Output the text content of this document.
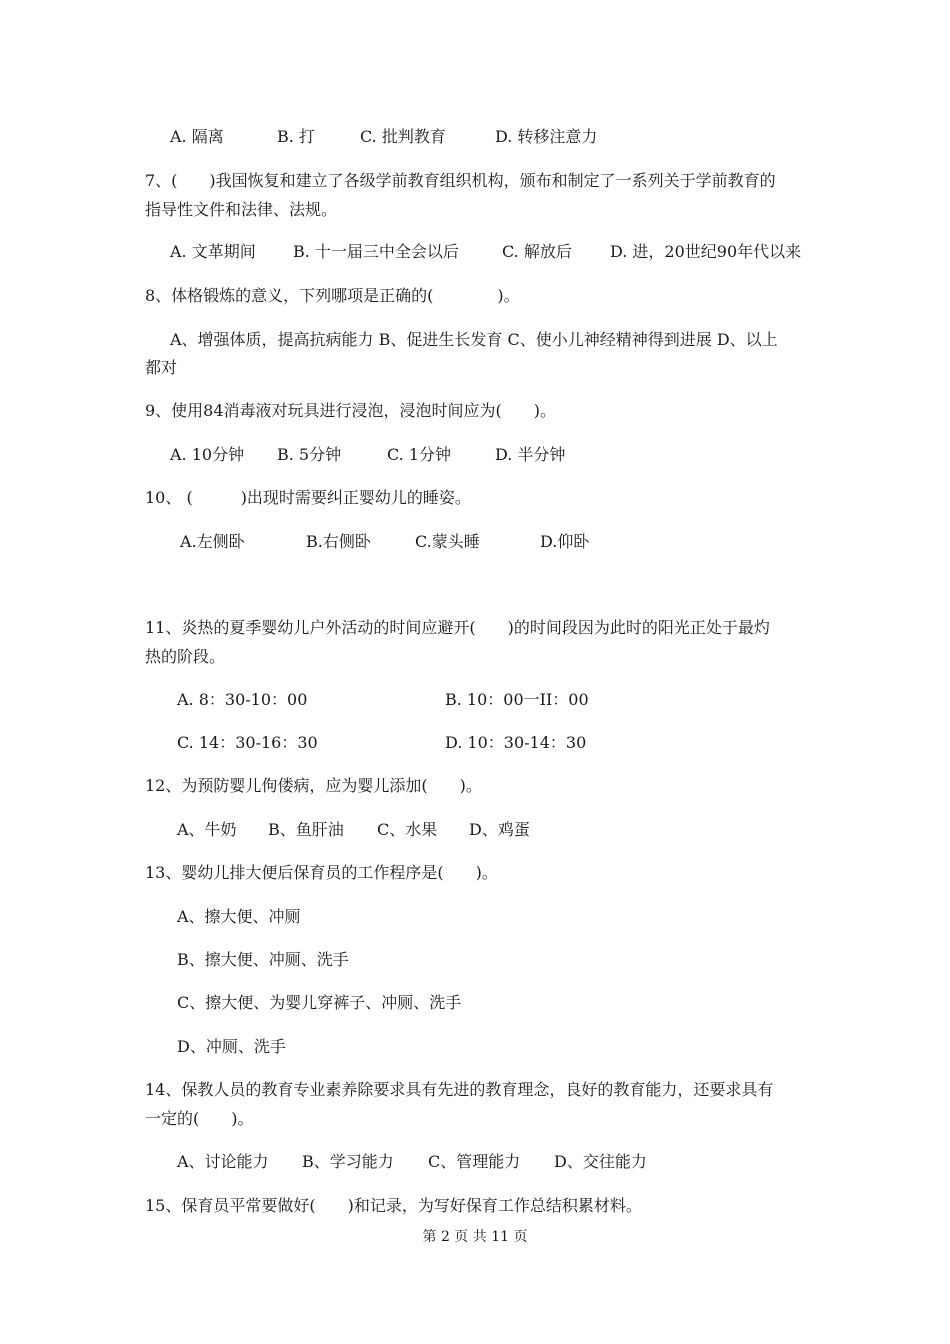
A. 隔离	B. 打	C. 批判教育	D. 转移注意力
7、(　　)我国恢复和建立了各级学前教育组织机构，颁布和制定了一系列关于学前教育的
指导性文件和法律、法规。
A. 文革期间 B. 十一届三中全会以后	C. 解放后 D. 进，20世纪90年代以来
8、体格锻炼的意义，下列哪项是正确的(　　　　)。
A、增强体质，提高抗病能力 B、促进生长发育 C、使小儿神经精神得到进展 D、以上
都对
9、使用84消毒液对玩具进行浸泡，浸泡时间应为(　　)。
A. 10分钟 B. 5分钟	C. 1分钟	D. 半分钟
10、 (　　　)出现时需要纠正婴幼儿的睡姿。
A.左侧卧	B.右侧卧	C.蒙头睡	D.仰卧
11、炎热的夏季婴幼儿户外活动的时间应避开(　　)的时间段因为此时的阳光正处于最灼
热的阶段。
A. 8：30-10：00	B. 10：00一II：00
C. 14：30-16：30	D. 10：30-14：30
12、为预防婴儿佝偻病，应为婴儿添加(　　)。
A、牛奶 B、鱼肝油 C、水果 D、鸡蛋
13、婴幼儿排大便后保育员的工作程序是(　　)。
A、擦大便、冲厕
B、擦大便、冲厕、洗手
C、擦大便、为婴儿穿裤子、冲厕、洗手
D、冲厕、洗手
14、保教人员的教育专业素养除要求具有先进的教育理念，良好的教育能力，还要求具有
一定的(　　)。
A、讨论能力 B、学习能力 C、管理能力 D、交往能力
15、保育员平常要做好(　　)和记录，为写好保育工作总结积累材料。
第 2 页 共 11 页
